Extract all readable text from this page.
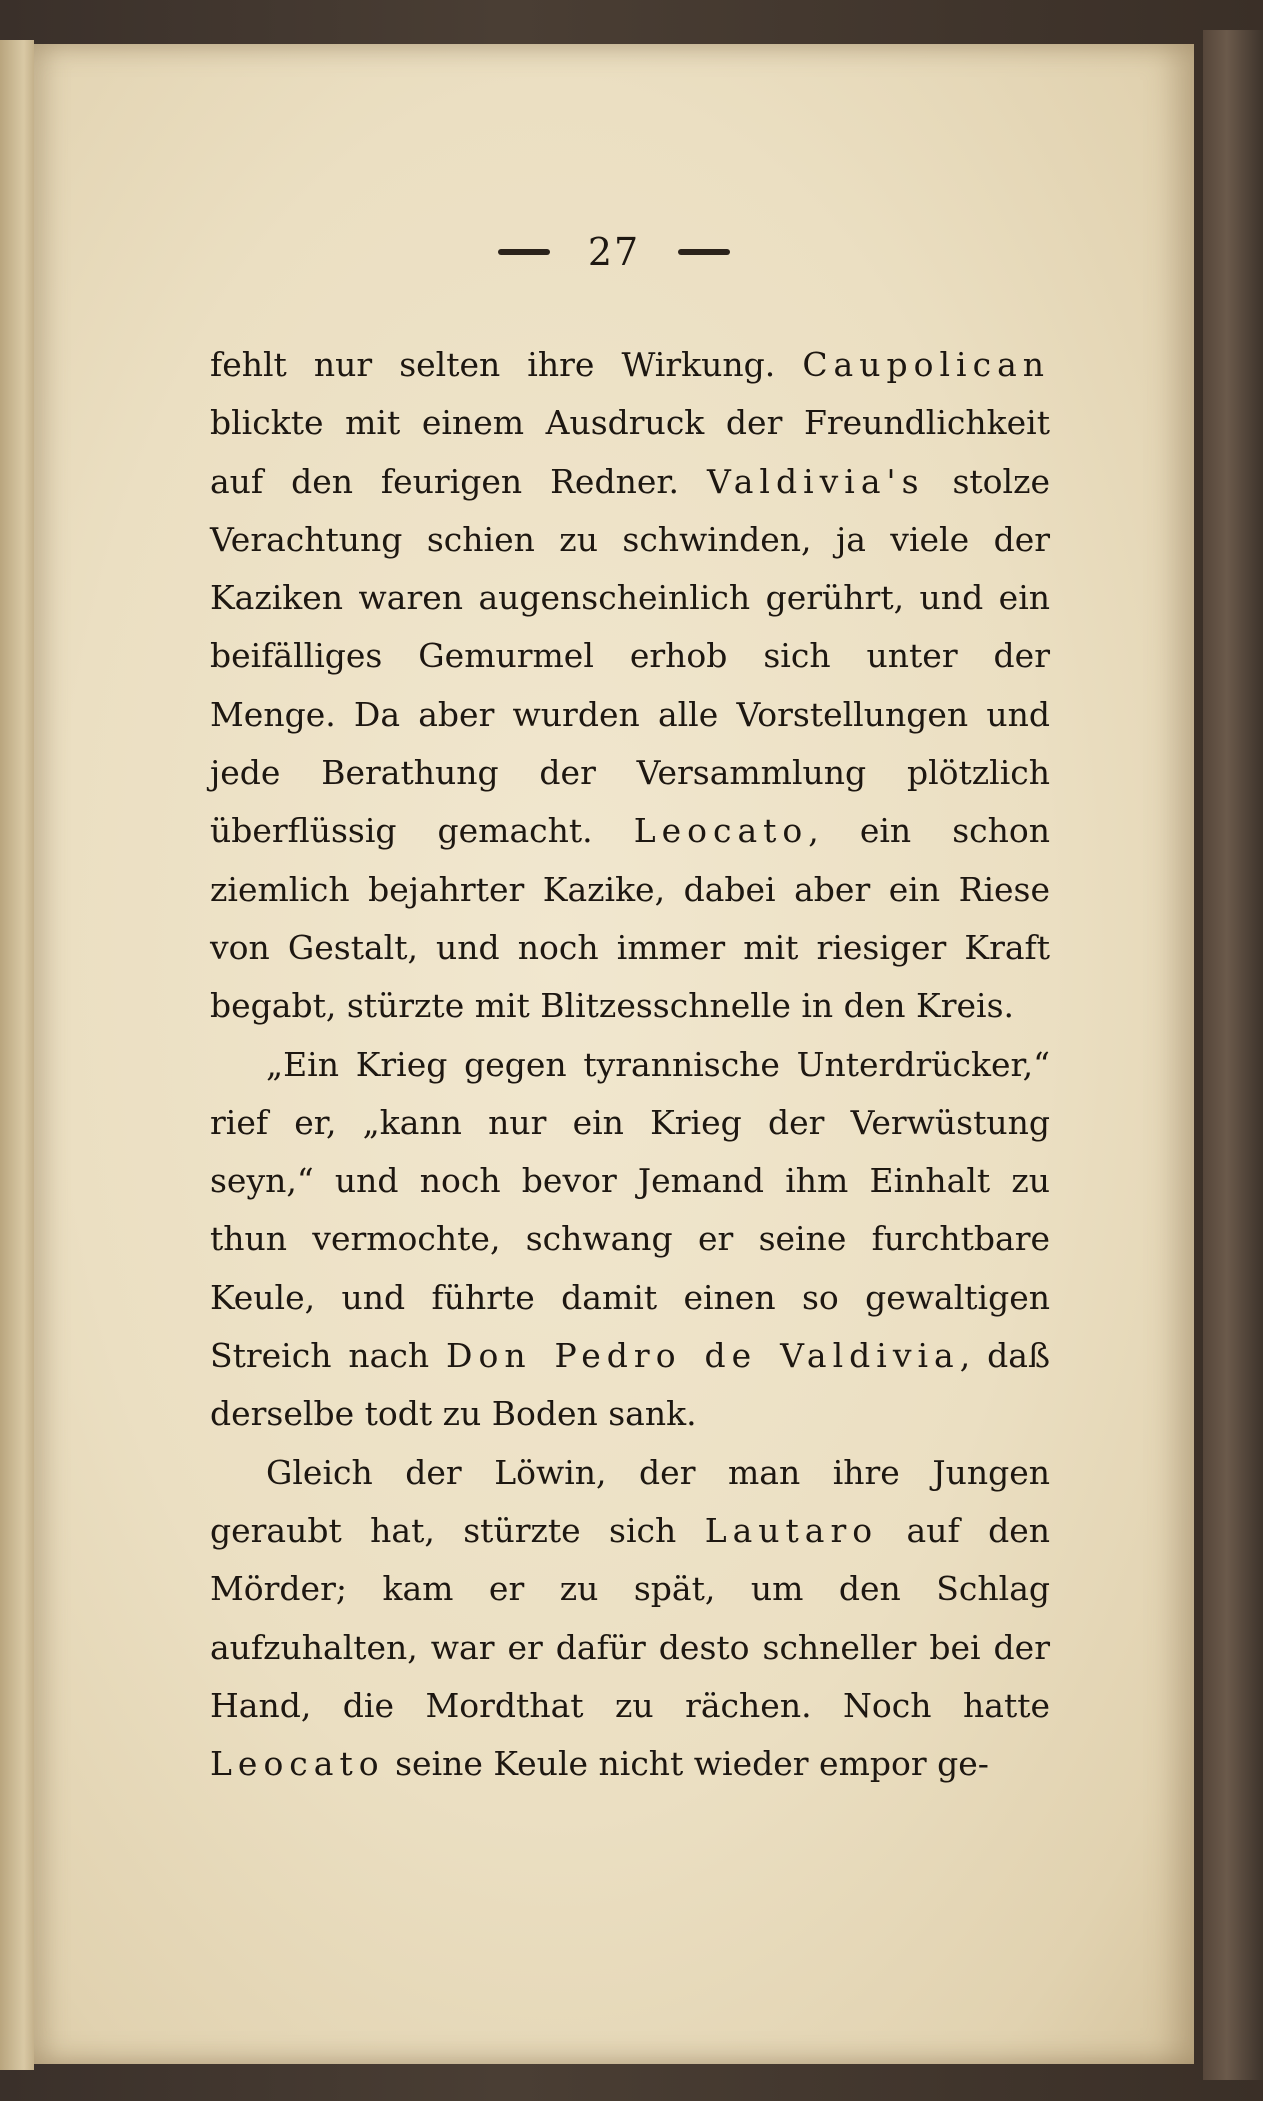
27

fehlt nur selten ihre Wirkung. Caupolican blickte mit einem Ausdruck der Freundlichkeit auf den feurigen Redner. Valdivia's stolze Verachtung schien zu schwinden, ja viele der Kaziken waren augenscheinlich gerührt, und ein beifälliges Gemurmel erhob sich unter der Menge. Da aber wurden alle Vorstellungen und jede Berathung der Versammlung plötzlich überflüssig gemacht. Leocato, ein schon ziemlich bejahrter Kazike, dabei aber ein Riese von Gestalt, und noch immer mit riesiger Kraft begabt, stürzte mit Blitzesschnelle in den Kreis.

„Ein Krieg gegen tyrannische Unterdrücker,“ rief er, „kann nur ein Krieg der Verwüstung seyn,“ und noch bevor Jemand ihm Einhalt zu thun vermochte, schwang er seine furchtbare Keule, und führte damit einen so gewaltigen Streich nach Don Pedro de Valdivia, daß derselbe todt zu Boden sank.

Gleich der Löwin, der man ihre Jungen geraubt hat, stürzte sich Lautaro auf den Mörder; kam er zu spät, um den Schlag aufzuhalten, war er dafür desto schneller bei der Hand, die Mordthat zu rächen. Noch hatte Leocato seine Keule nicht wieder empor ge-
